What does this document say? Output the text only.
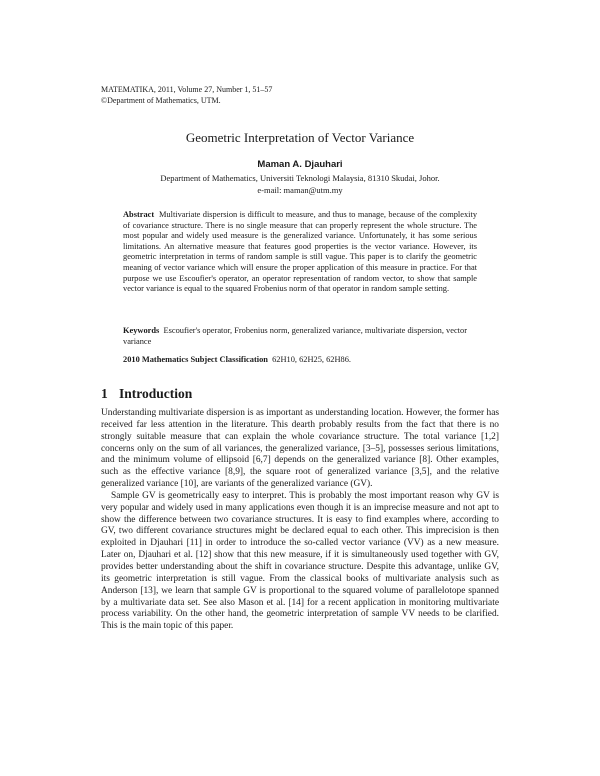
MATEMATIKA, 2011, Volume 27, Number 1, 51–57
©Department of Mathematics, UTM.
Geometric Interpretation of Vector Variance
Maman A. Djauhari
Department of Mathematics, Universiti Teknologi Malaysia, 81310 Skudai, Johor.
e-mail: maman@utm.my
Abstract Multivariate dispersion is difficult to measure, and thus to manage, because of the complexity of covariance structure. There is no single measure that can properly represent the whole structure. The most popular and widely used measure is the generalized variance. Unfortunately, it has some serious limitations. An alternative measure that features good properties is the vector variance. However, its geometric interpretation in terms of random sample is still vague. This paper is to clarify the geometric meaning of vector variance which will ensure the proper application of this measure in practice. For that purpose we use Escoufier's operator, an operator representation of random vector, to show that sample vector variance is equal to the squared Frobenius norm of that operator in random sample setting.
Keywords Escoufier's operator, Frobenius norm, generalized variance, multivariate dispersion, vector variance
2010 Mathematics Subject Classification 62H10, 62H25, 62H86.
1 Introduction

Understanding multivariate dispersion is as important as understanding location. However, the former has received far less attention in the literature. This dearth probably results from the fact that there is no strongly suitable measure that can explain the whole covariance structure. The total variance [1,2] concerns only on the sum of all variances, the generalized variance, [3–5], possesses serious limitations, and the minimum volume of ellipsoid [6,7] depends on the generalized variance [8]. Other examples, such as the effective variance [8,9], the square root of generalized variance [3,5], and the relative generalized variance [10], are variants of the generalized variance (GV).

Sample GV is geometrically easy to interpret. This is probably the most important reason why GV is very popular and widely used in many applications even though it is an imprecise measure and not apt to show the difference between two covariance structures. It is easy to find examples where, according to GV, two different covariance structures might be declared equal to each other. This imprecision is then exploited in Djauhari [11] in order to introduce the so-called vector variance (VV) as a new measure. Later on, Djauhari et al. [12] show that this new measure, if it is simultaneously used together with GV, provides better understanding about the shift in covariance structure. Despite this advantage, unlike GV, its geometric interpretation is still vague. From the classical books of multivariate analysis such as Anderson [13], we learn that sample GV is proportional to the squared volume of parallelotope spanned by a multivariate data set. See also Mason et al. [14] for a recent application in monitoring multivariate process variability. On the other hand, the geometric interpretation of sample VV needs to be clarified. This is the main topic of this paper.
